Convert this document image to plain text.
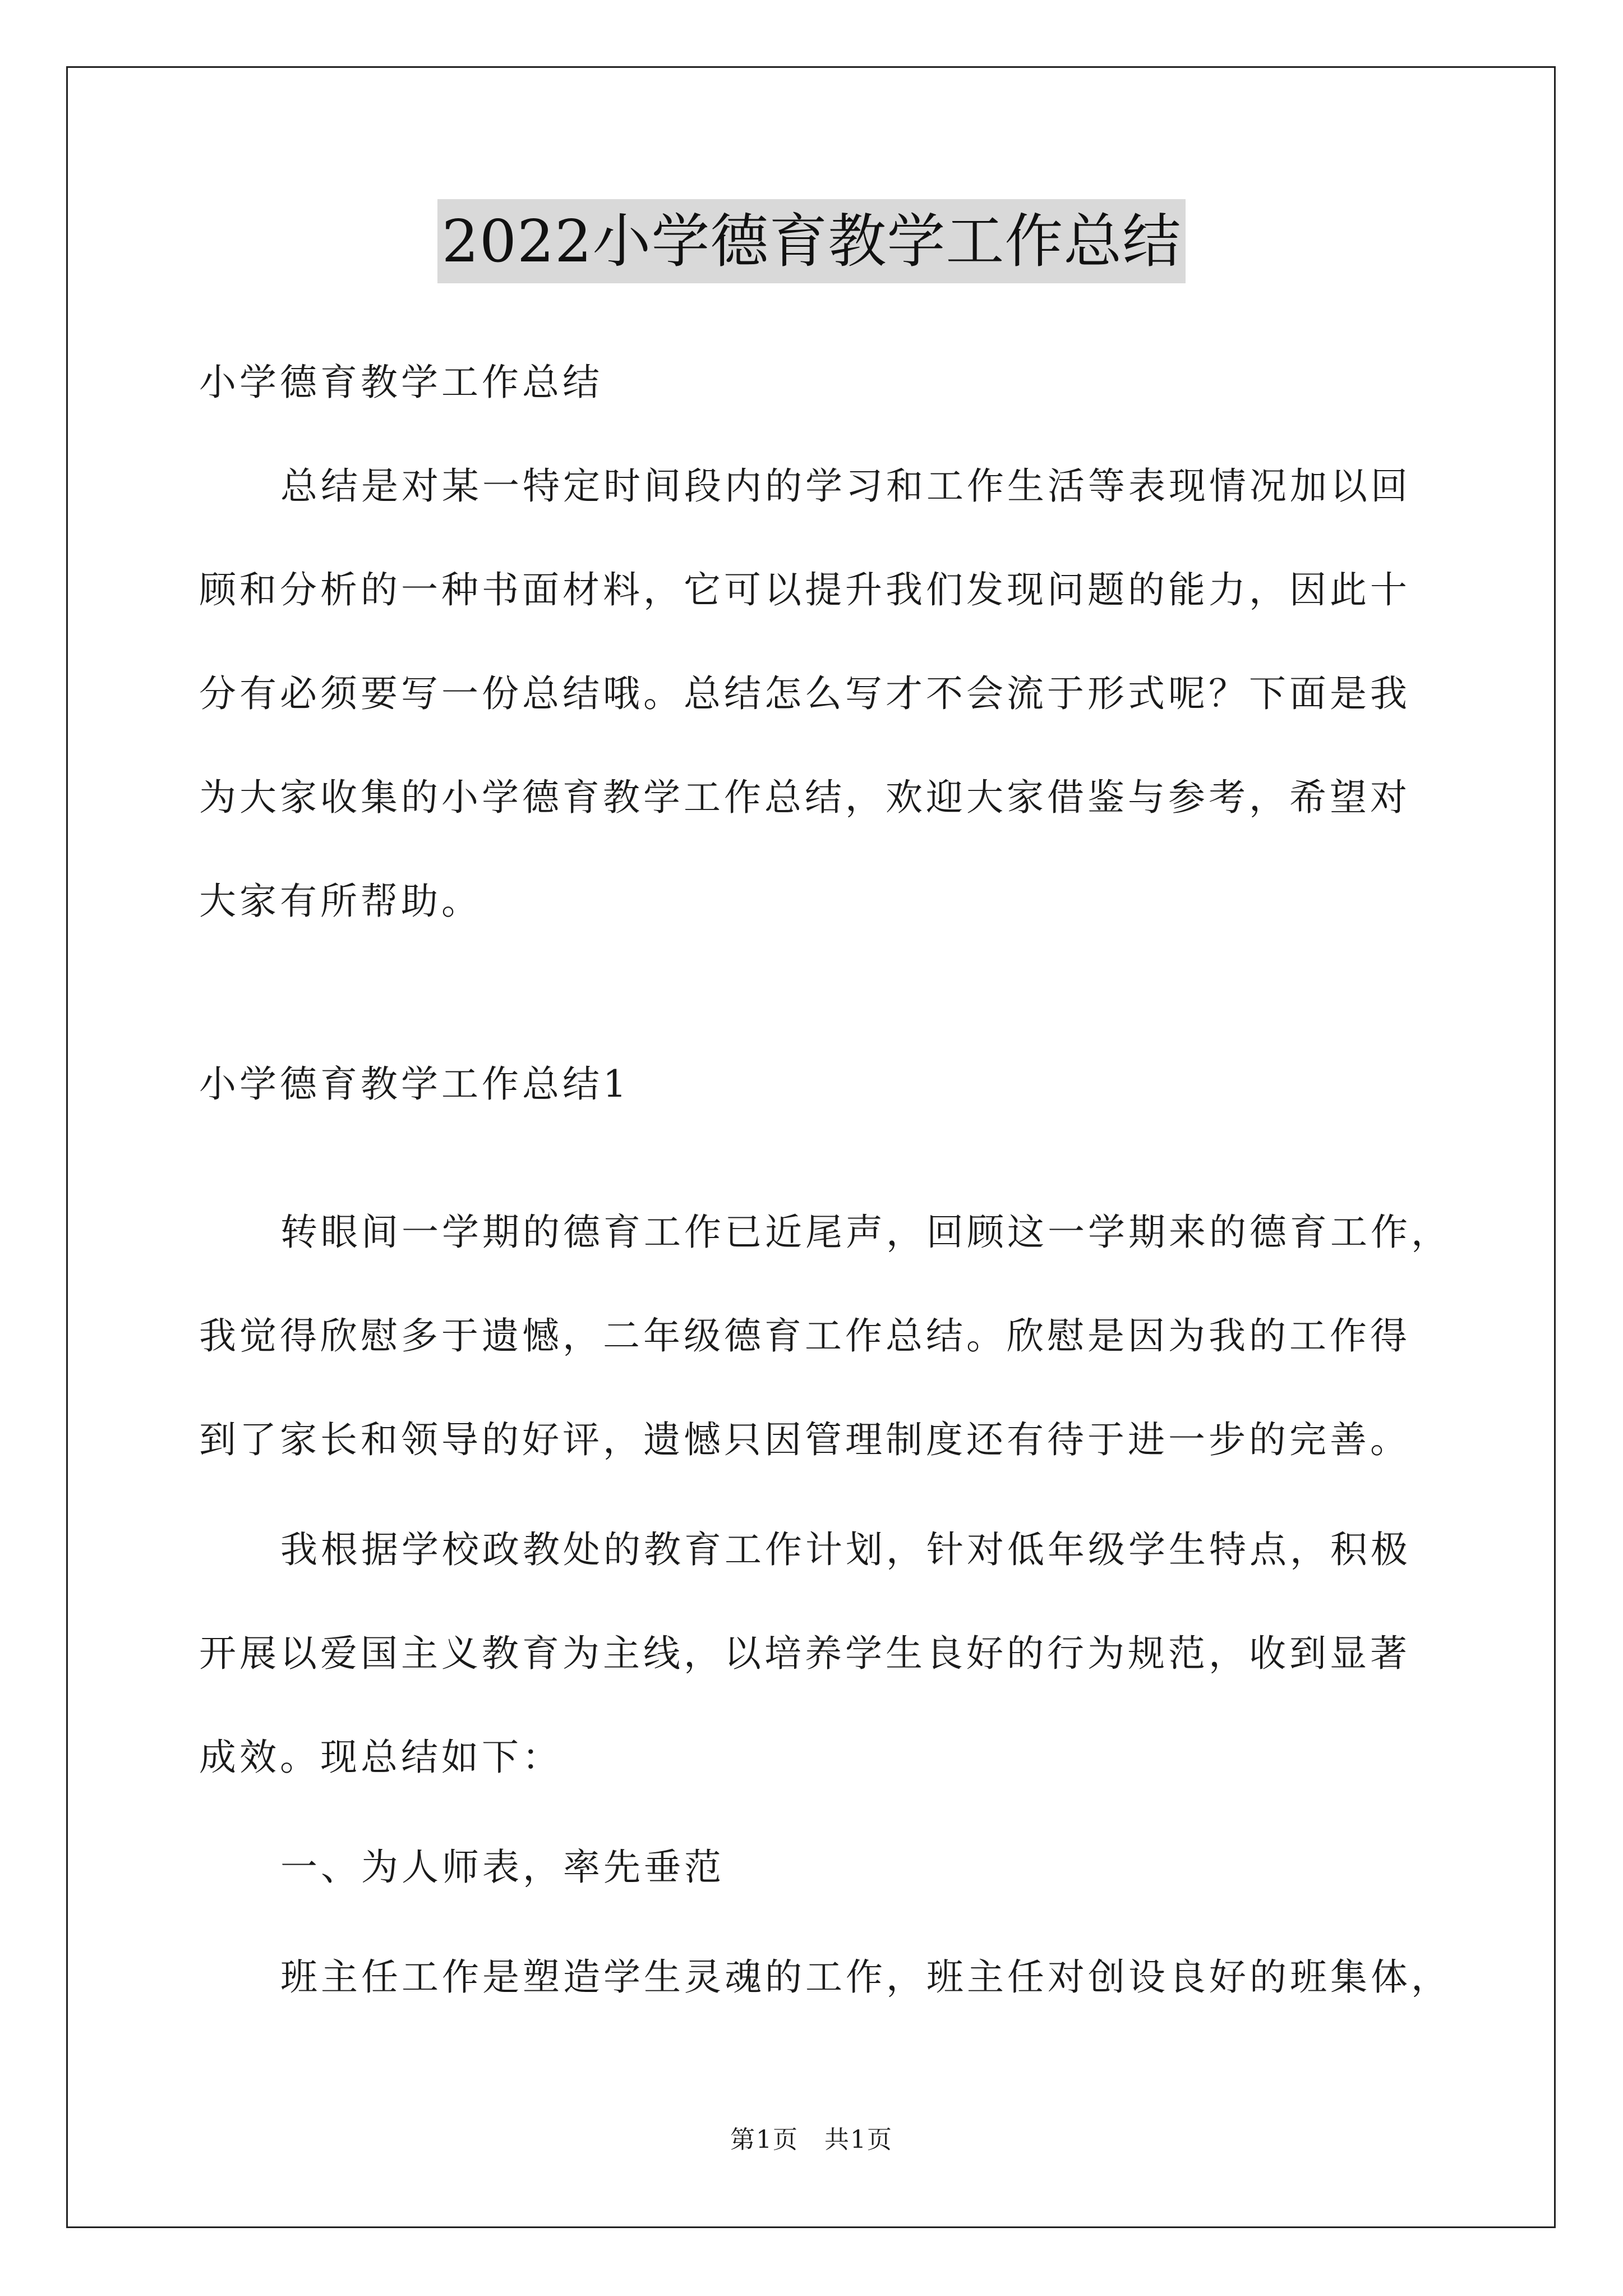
2022小学德育教学工作总结
小学德育教学工作总结
总结是对某一特定时间段内的学习和工作生活等表现情况加以回
顾和分析的一种书面材料，它可以提升我们发现问题的能力，因此十
分有必须要写一份总结哦。总结怎么写才不会流于形式呢？下面是我
为大家收集的小学德育教学工作总结，欢迎大家借鉴与参考，希望对
大家有所帮助。
小学德育教学工作总结1
转眼间一学期的德育工作已近尾声，回顾这一学期来的德育工作，
我觉得欣慰多于遗憾，二年级德育工作总结。欣慰是因为我的工作得
到了家长和领导的好评，遗憾只因管理制度还有待于进一步的完善。
我根据学校政教处的教育工作计划，针对低年级学生特点，积极
开展以爱国主义教育为主线，以培养学生良好的行为规范，收到显著
成效。现总结如下：
一、为人师表，率先垂范
班主任工作是塑造学生灵魂的工作，班主任对创设良好的班集体，
第1页　共1页
